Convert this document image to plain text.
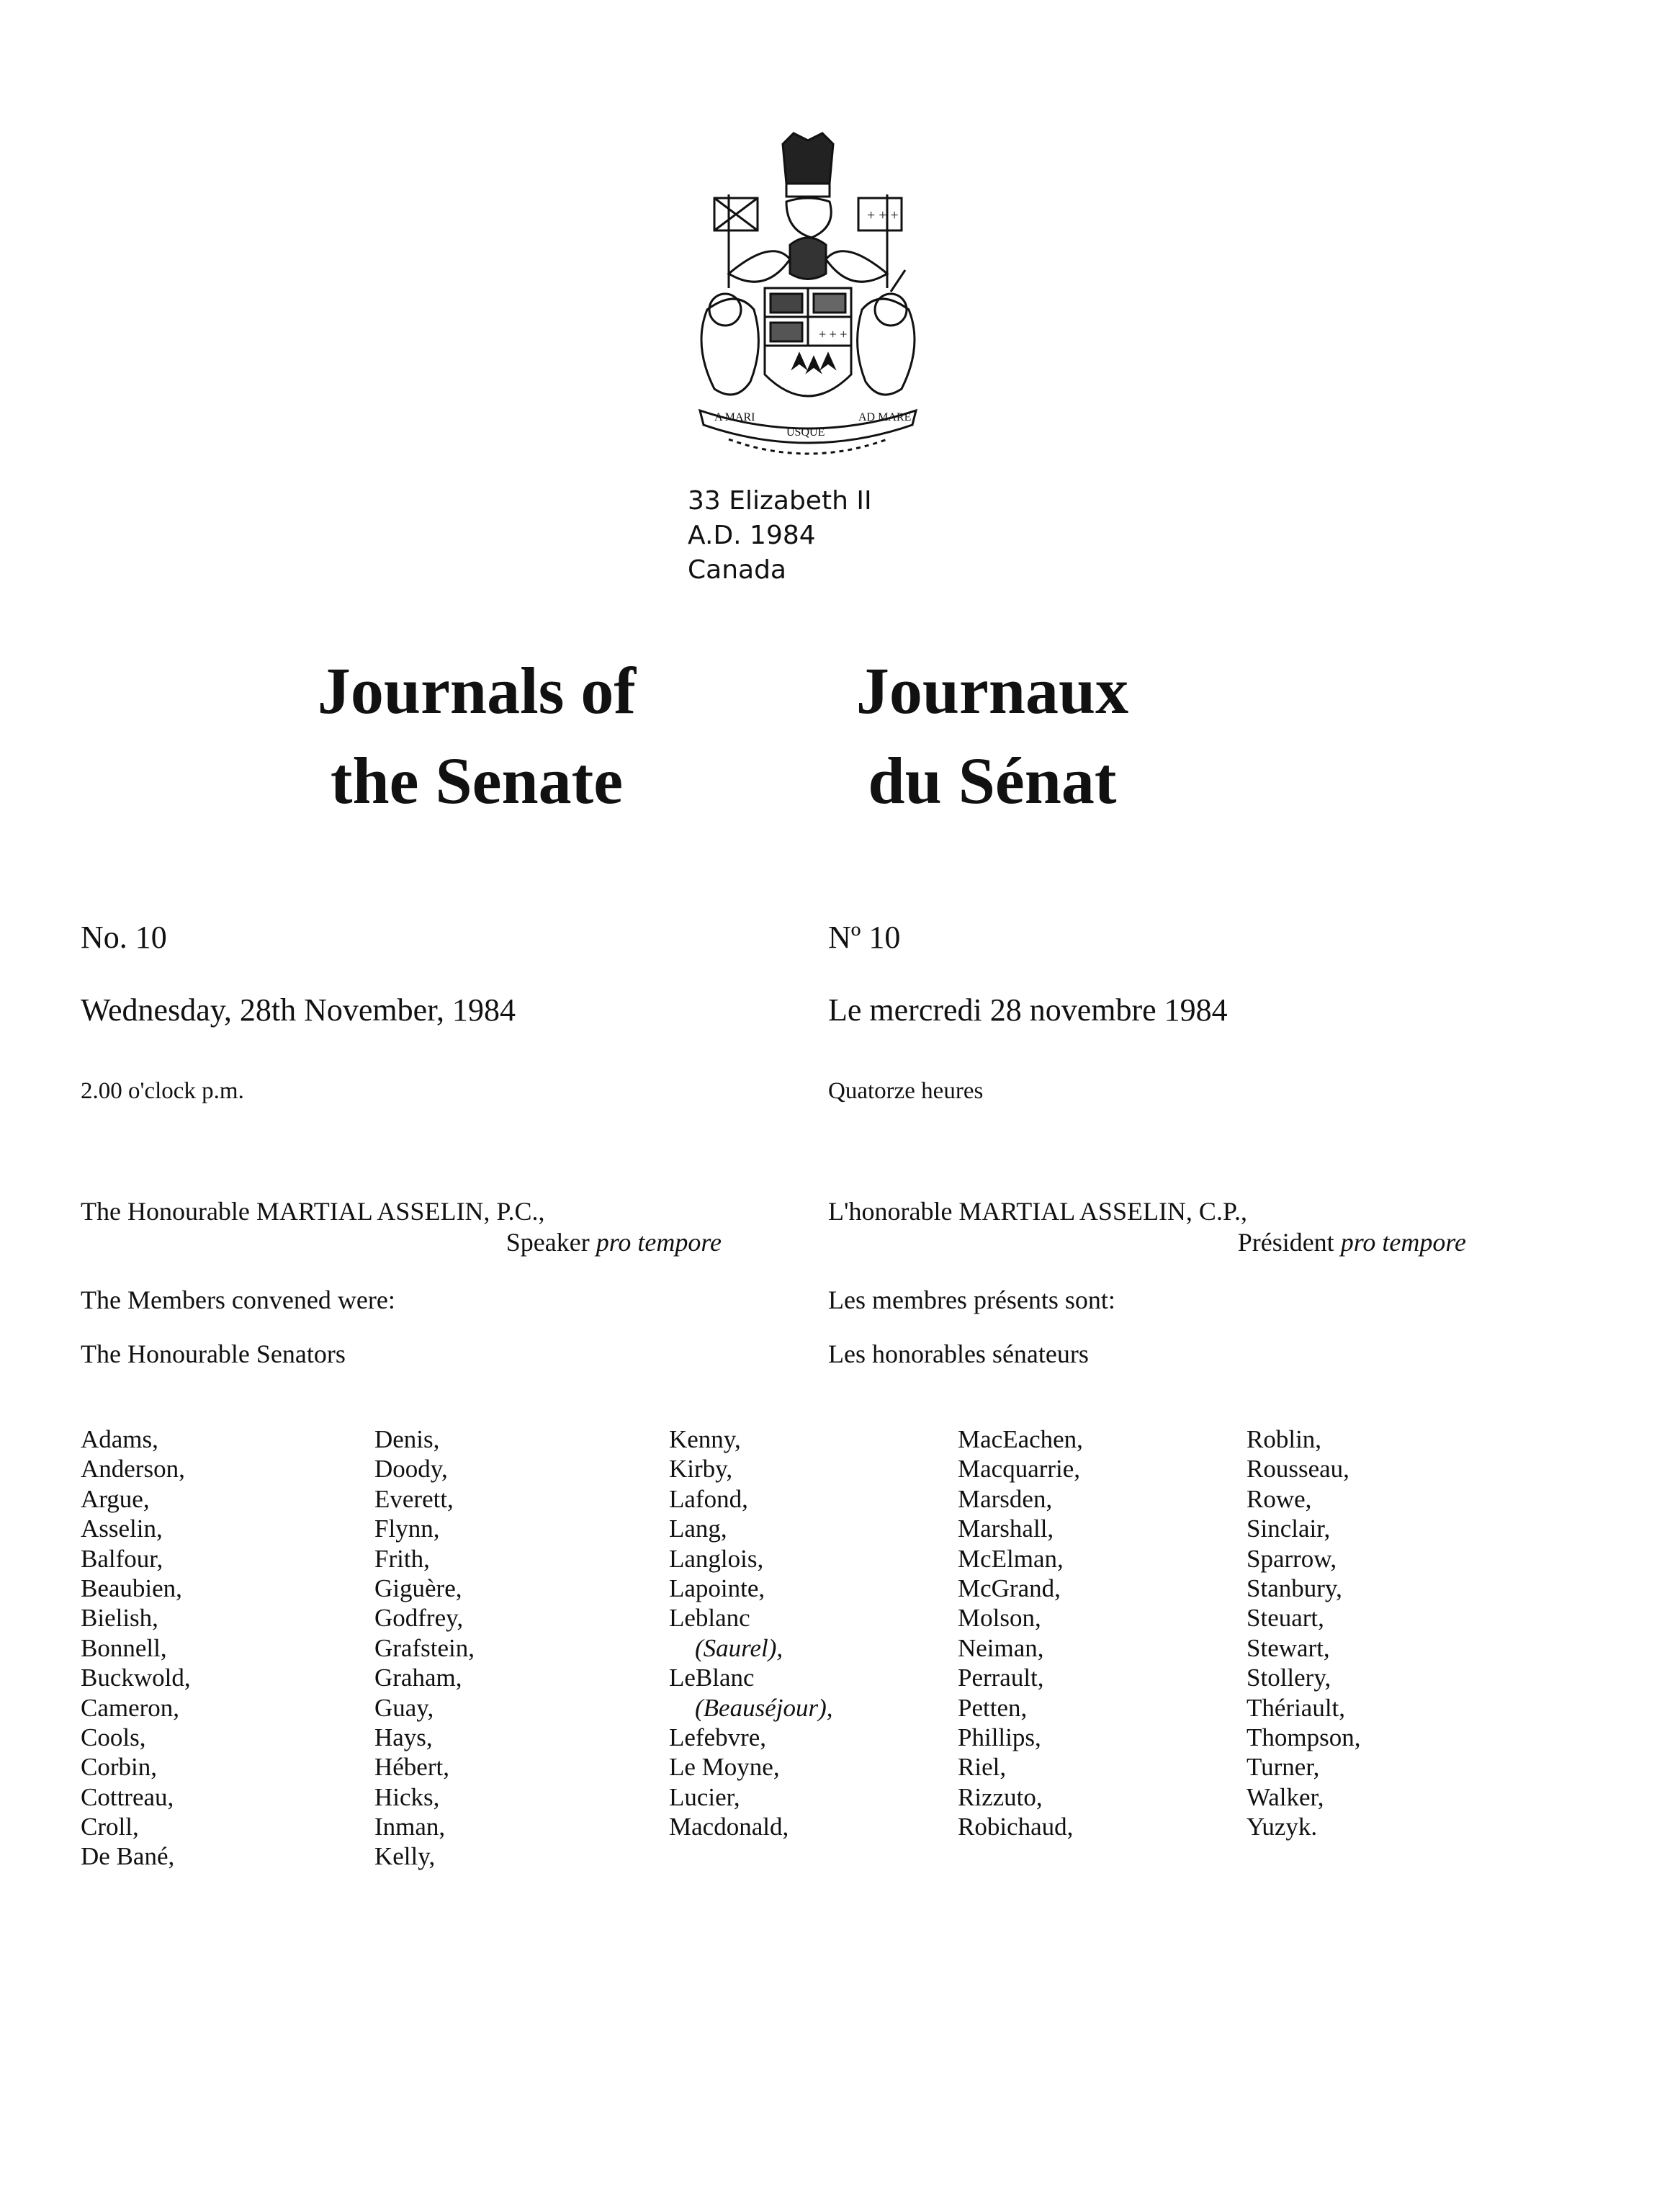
+ + +
+ + +
A MARI
USQUE
AD MARE
33 Elizabeth II
A.D. 1984
Canada
Journals of
the Senate
Journaux
du Sénat
No. 10	Nº 10
Wednesday, 28th November, 1984	Le mercredi 28 novembre 1984
2.00 o'clock p.m.	Quatorze heures
The Honourable MARTIAL ASSELIN, P.C.,
Speaker pro tempore
L'honorable MARTIAL ASSELIN, C.P.,
Président pro tempore
The Members convened were:	Les membres présents sont:
The Honourable Senators	Les honorables sénateurs
Adams,
Anderson,
Argue,
Asselin,
Balfour,
Beaubien,
Bielish,
Bonnell,
Buckwold,
Cameron,
Cools,
Corbin,
Cottreau,
Croll,
De Bané,
Denis,
Doody,
Everett,
Flynn,
Frith,
Giguère,
Godfrey,
Grafstein,
Graham,
Guay,
Hays,
Hébert,
Hicks,
Inman,
Kelly,
Kenny,
Kirby,
Lafond,
Lang,
Langlois,
Lapointe,
Leblanc
(Saurel),
LeBlanc
(Beauséjour),
Lefebvre,
Le Moyne,
Lucier,
Macdonald,
MacEachen,
Macquarrie,
Marsden,
Marshall,
McElman,
McGrand,
Molson,
Neiman,
Perrault,
Petten,
Phillips,
Riel,
Rizzuto,
Robichaud,
Roblin,
Rousseau,
Rowe,
Sinclair,
Sparrow,
Stanbury,
Steuart,
Stewart,
Stollery,
Thériault,
Thompson,
Turner,
Walker,
Yuzyk.
